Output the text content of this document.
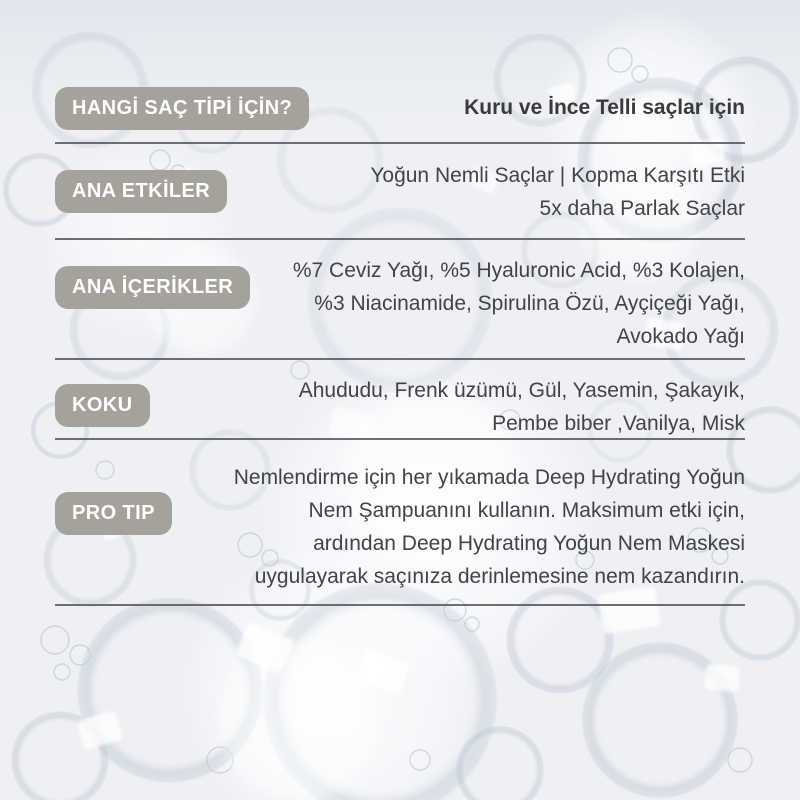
HANGİ SAÇ TİPİ İÇİN?	Kuru ve İnce Telli saçlar için
ANA ETKİLER
Yoğun Nemli Saçlar | Kopma Karşıtı Etki
5x daha Parlak Saçlar
ANA İÇERİKLER
%7 Ceviz Yağı, %5 Hyaluronic Acid, %3 Kolajen,
%3 Niacinamide, Spirulina Özü, Ayçiçeği Yağı,
Avokado Yağı
KOKU
Ahududu, Frenk üzümü, Gül, Yasemin, Şakayık,
Pembe biber ,Vanilya, Misk
PRO TIP
Nemlendirme için her yıkamada Deep Hydrating Yoğun
Nem Şampuanını kullanın. Maksimum etki için,
ardından Deep Hydrating Yoğun Nem Maskesi
uygulayarak saçınıza derinlemesine nem kazandırın.
